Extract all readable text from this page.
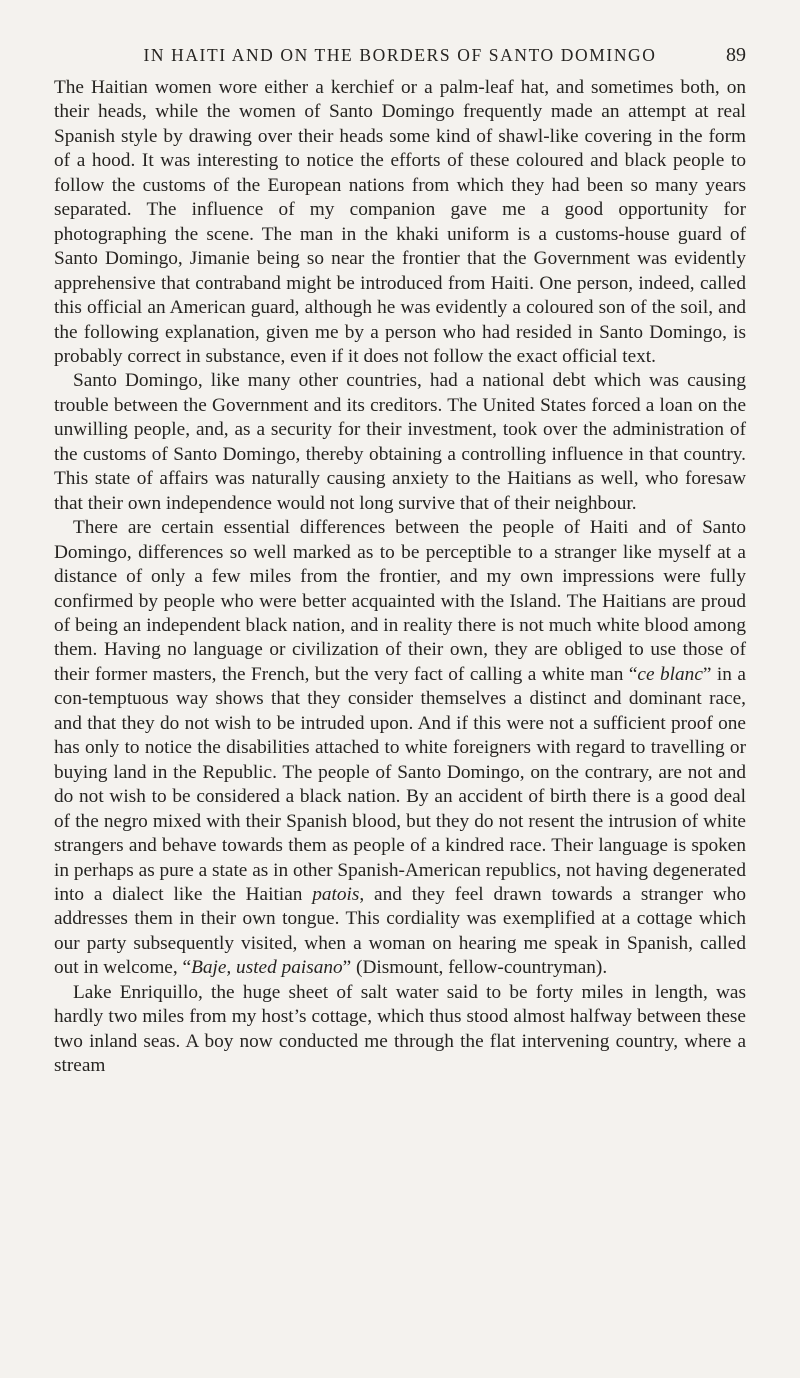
IN HAITI AND ON THE BORDERS OF SANTO DOMINGO	89

The Haitian women wore either a kerchief or a palm-leaf hat, and sometimes both, on their heads, while the women of Santo Domingo frequently made an attempt at real Spanish style by drawing over their heads some kind of shawl-like covering in the form of a hood. It was interesting to notice the efforts of these coloured and black people to follow the customs of the European nations from which they had been so many years separated. The influence of my companion gave me a good opportunity for photographing the scene. The man in the khaki uniform is a customs-house guard of Santo Domingo, Jimanie being so near the frontier that the Government was evidently apprehensive that contraband might be introduced from Haiti. One person, indeed, called this official an American guard, although he was evidently a coloured son of the soil, and the following explanation, given me by a person who had resided in Santo Domingo, is probably correct in substance, even if it does not follow the exact official text.

Santo Domingo, like many other countries, had a national debt which was causing trouble between the Government and its creditors. The United States forced a loan on the unwilling people, and, as a security for their investment, took over the administration of the customs of Santo Domingo, thereby obtaining a controlling influence in that country. This state of affairs was naturally causing anxiety to the Haitians as well, who foresaw that their own independence would not long survive that of their neighbour.

There are certain essential differences between the people of Haiti and of Santo Domingo, differences so well marked as to be perceptible to a stranger like myself at a distance of only a few miles from the frontier, and my own impressions were fully confirmed by people who were better acquainted with the Island. The Haitians are proud of being an independent black nation, and in reality there is not much white blood among them. Having no language or civilization of their own, they are obliged to use those of their former masters, the French, but the very fact of calling a white man “ce blanc” in a con-temptuous way shows that they consider themselves a distinct and dominant race, and that they do not wish to be intruded upon. And if this were not a sufficient proof one has only to notice the disabilities attached to white foreigners with regard to travelling or buying land in the Republic. The people of Santo Domingo, on the contrary, are not and do not wish to be considered a black nation. By an accident of birth there is a good deal of the negro mixed with their Spanish blood, but they do not resent the intrusion of white strangers and behave towards them as people of a kindred race. Their language is spoken in perhaps as pure a state as in other Spanish-American republics, not having degenerated into a dialect like the Haitian patois, and they feel drawn towards a stranger who addresses them in their own tongue. This cordiality was exemplified at a cottage which our party subsequently visited, when a woman on hearing me speak in Spanish, called out in welcome, “Baje, usted paisano” (Dismount, fellow-countryman).

Lake Enriquillo, the huge sheet of salt water said to be forty miles in length, was hardly two miles from my host’s cottage, which thus stood almost halfway between these two inland seas. A boy now conducted me through the flat intervening country, where a stream
